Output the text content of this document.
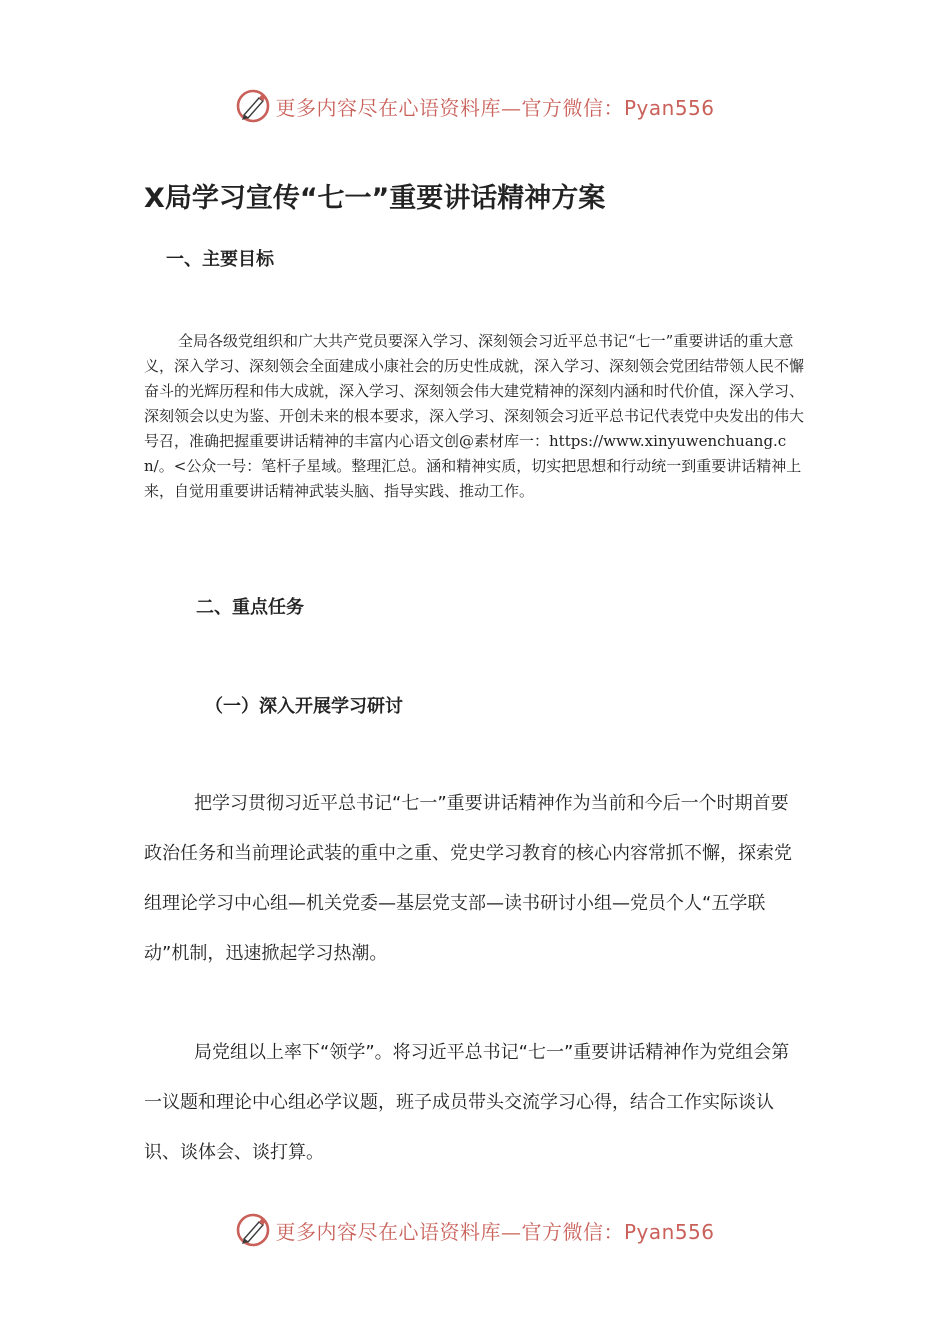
更多内容尽在心语资料库—官方微信：Pyan556
X局学习宣传“七一”重要讲话精神方案
一、主要目标

全局各级党组织和广大共产党员要深入学习、深刻领会习近平总书记“七一”重要讲话的重大意义，深入学习、深刻领会全面建成小康社会的历史性成就，深入学习、深刻领会党团结带领人民不懈奋斗的光辉历程和伟大成就，深入学习、深刻领会伟大建党精神的深刻内涵和时代价值，深入学习、深刻领会以史为鉴、开创未来的根本要求，深入学习、深刻领会习近平总书记代表党中央发出的伟大号召，准确把握重要讲话精神的丰富内心语文创@素材库一：https://www.xinyuwenchuang.cn/。<公众一号：笔杆子星域。整理汇总。涵和精神实质，切实把思想和行动统一到重要讲话精神上来，自觉用重要讲话精神武装头脑、指导实践、推动工作。

二、重点任务
（一）深入开展学习研讨

把学习贯彻习近平总书记“七一”重要讲话精神作为当前和今后一个时期首要政治任务和当前理论武装的重中之重、党史学习教育的核心内容常抓不懈，探索党组理论学习中心组—机关党委—基层党支部—读书研讨小组—党员个人“五学联动”机制，迅速掀起学习热潮。

局党组以上率下“领学”。将习近平总书记“七一”重要讲话精神作为党组会第一议题和理论中心组必学议题，班子成员带头交流学习心得，结合工作实际谈认识、谈体会、谈打算。

更多内容尽在心语资料库—官方微信：Pyan556
